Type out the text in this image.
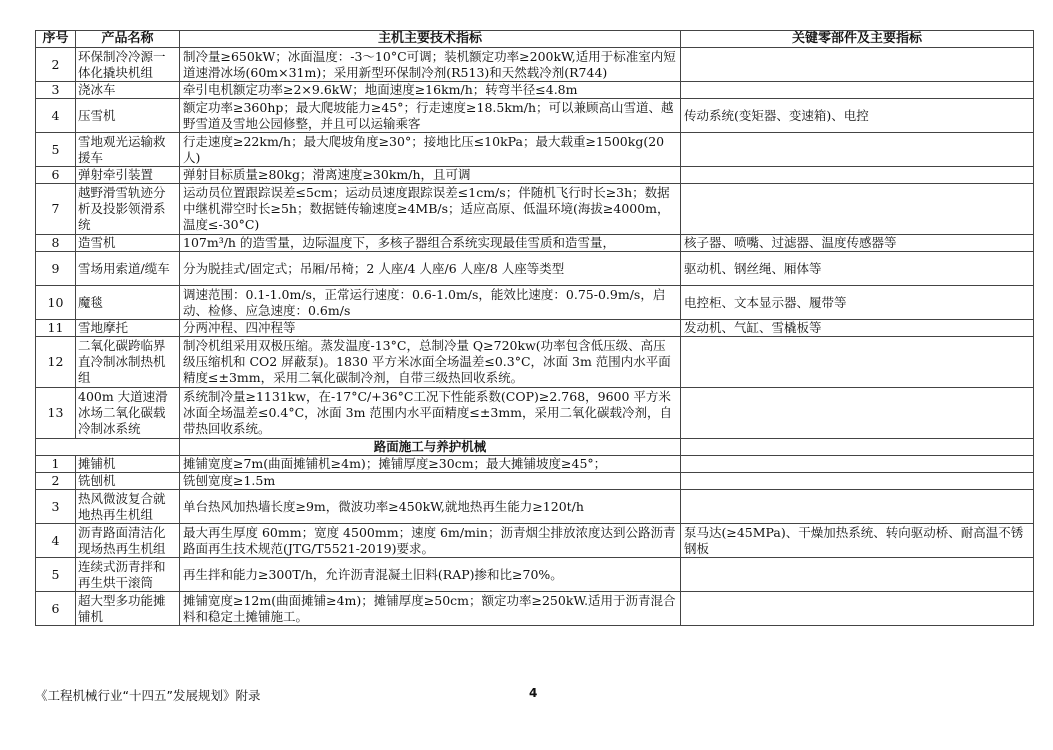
序号	产品名称	主机主要技术指标	关键零部件及主要指标
2	环保制冷冷源一体化撬块机组	制冷量≥650kW；冰面温度：-3～10°C可调；装机额定功率≥200kW,适用于标准室内短道速滑冰场(60m×31m)；采用新型环保制冷剂(R513)和天然载冷剂(R744)	
3	浇冰车	牵引电机额定功率≥2×9.6kW；地面速度≥16km/h；转弯半径≤4.8m	
4	压雪机	额定功率≥360hp；最大爬坡能力≥45°；行走速度≥18.5km/h；可以兼顾高山雪道、越野雪道及雪地公园修整，并且可以运输乘客	传动系统(变矩器、变速箱)、电控
5	雪地观光运输救援车	行走速度≥22km/h；最大爬坡角度≥30°；接地比压≤10kPa；最大载重≥1500kg(20人)	
6	弹射牵引装置	弹射目标质量≥80kg；滑离速度≥30km/h，且可调	
7	越野滑雪轨迹分析及投影领滑系统	运动员位置跟踪误差≤5cm；运动员速度跟踪误差≤1cm/s；伴随机飞行时长≥3h；数据中继机滞空时长≥5h；数据链传输速度≥4MB/s；适应高原、低温环境(海拔≥4000m，温度≤-30°C)	
8	造雪机	107m³/h 的造雪量，边际温度下，多核子器组合系统实现最佳雪质和造雪量，	核子器、喷嘴、过滤器、温度传感器等
9	雪场用索道/缆车	分为脱挂式/固定式；吊厢/吊椅；2 人座/4 人座/6 人座/8 人座等类型	驱动机、钢丝绳、厢体等
10	魔毯	调速范围：0.1-1.0m/s，正常运行速度：0.6-1.0m/s，能效比速度：0.75-0.9m/s，启动、检修、应急速度：0.6m/s	电控柜、文本显示器、履带等
11	雪地摩托	分两冲程、四冲程等	发动机、气缸、雪橇板等
12	二氧化碳跨临界直冷制冰制热机组	制冷机组采用双极压缩。蒸发温度-13°C，总制冷量 Q≥720kw(功率包含低压级、高压级压缩机和 CO2 屏蔽泵)。1830 平方米冰面全场温差≤0.3°C，冰面 3m 范围内水平面精度≤±3mm，采用二氧化碳制冷剂，自带三级热回收系统。	
13	400m 大道速滑冰场二氧化碳载冷制冰系统	系统制冷量≥1131kw，在-17°C/+36°C工况下性能系数(COP)≥2.768，9600 平方米冰面全场温差≤0.4°C，冰面 3m 范围内水平面精度≤±3mm，采用二氧化碳载冷剂，自带热回收系统。	
		路面施工与养护机械	
1	摊铺机	摊铺宽度≥7m(曲面摊铺机≥4m)；摊铺厚度≥30cm；最大摊铺坡度≥45°；	
2	铣刨机	铣刨宽度≥1.5m	
3	热风微波复合就地热再生机组	单台热风加热墙长度≥9m，微波功率≥450kW,就地热再生能力≥120t/h	
4	沥青路面清洁化现场热再生机组	最大再生厚度 60mm；宽度 4500mm；速度 6m/min；沥青烟尘排放浓度达到公路沥青路面再生技术规范(JTG/T5521-2019)要求。	泵马达(≥45MPa)、干燥加热系统、转向驱动桥、耐高温不锈钢板
5	连续式沥青拌和再生烘干滚筒	再生拌和能力≥300T/h，允许沥青混凝土旧料(RAP)掺和比≥70%。	
6	超大型多功能摊铺机	摊铺宽度≥12m(曲面摊铺≥4m)；摊铺厚度≥50cm；额定功率≥250kW.适用于沥青混合料和稳定土摊铺施工。	
《工程机械行业“十四五”发展规划》附录	4
